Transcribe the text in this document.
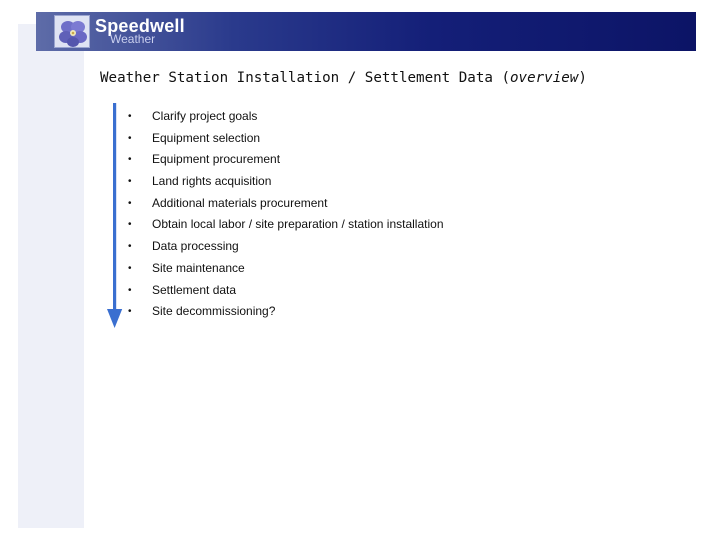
Speedwell
Weather
Weather Station Installation / Settlement Data (overview)
• Clarify project goals
• Equipment selection
• Equipment procurement
• Land rights acquisition
• Additional materials procurement
• Obtain local labor / site preparation / station installation
• Data processing
• Site maintenance
• Settlement data
• Site decommissioning?
